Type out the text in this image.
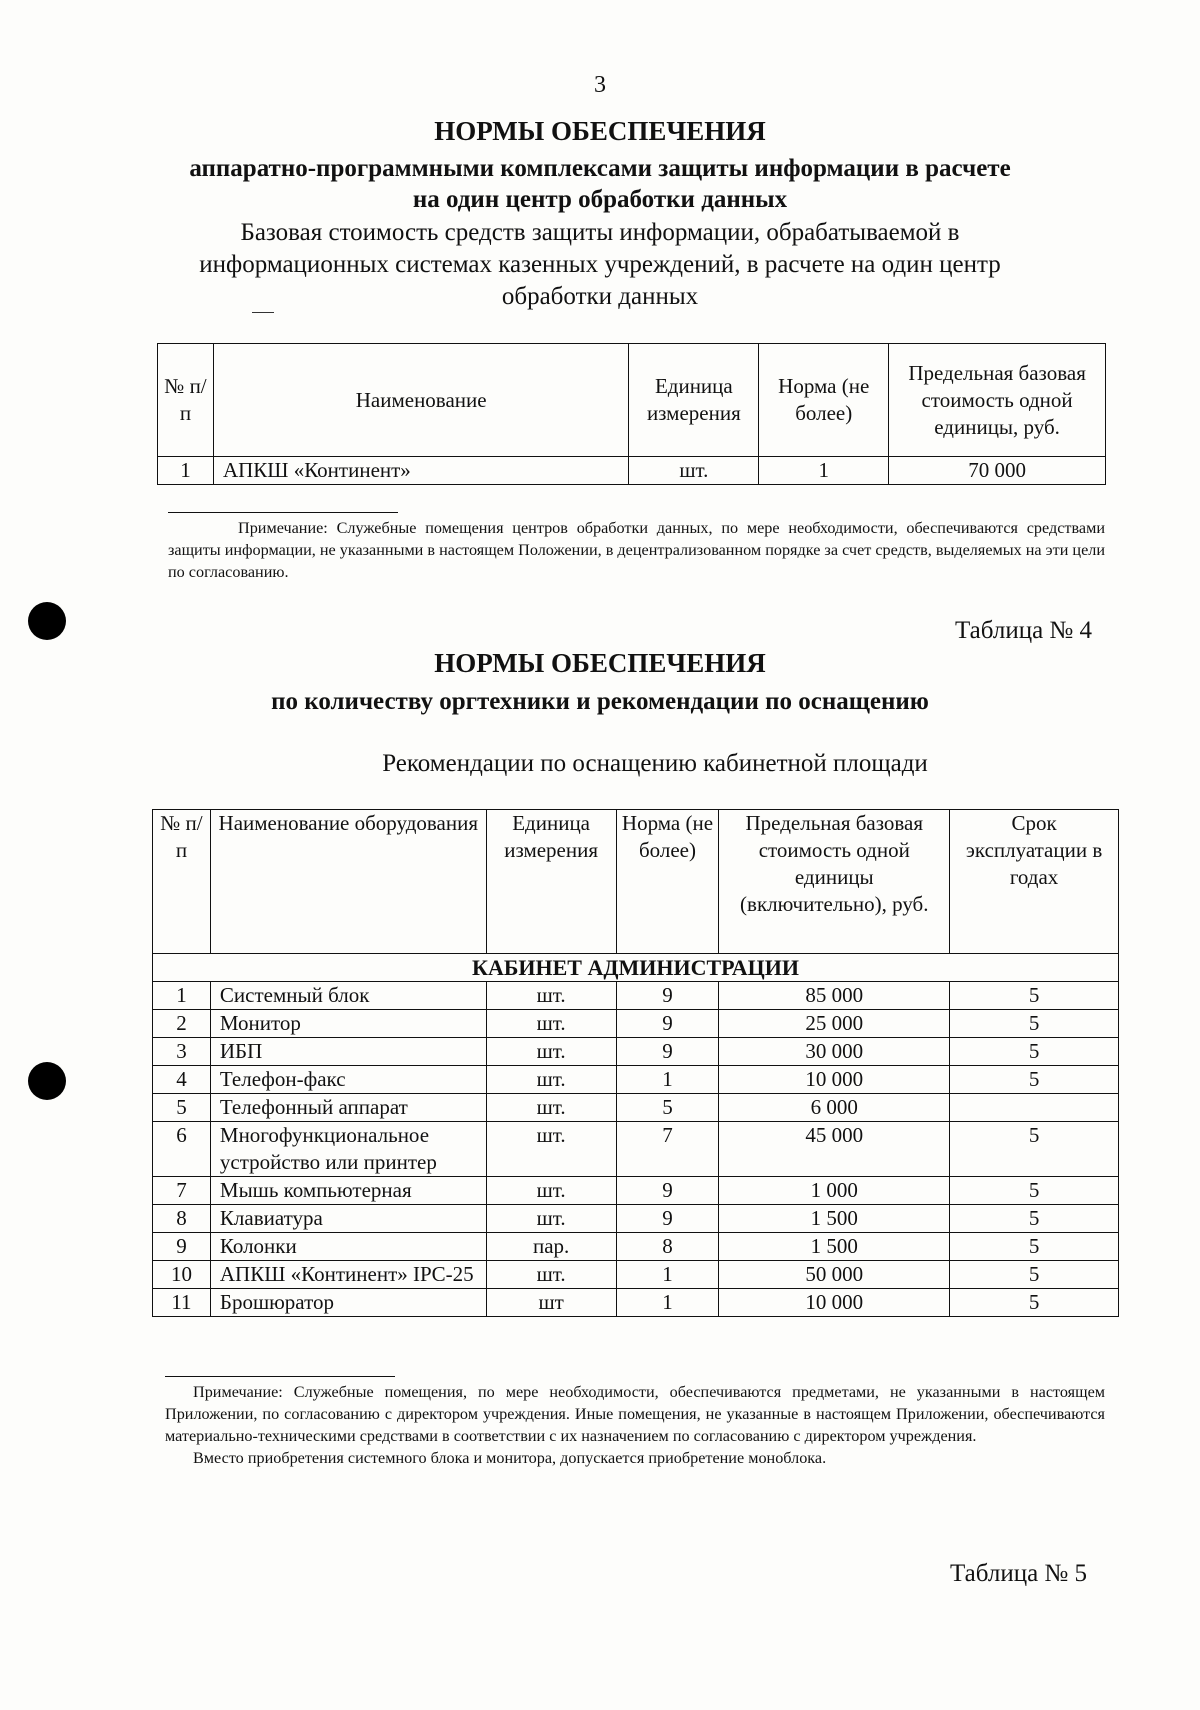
3
НОРМЫ ОБЕСПЕЧЕНИЯ
аппаратно-программными комплексами защиты информации в расчете
на один центр обработки данных
Базовая стоимость средств защиты информации, обрабатываемой в
информационных системах казенных учреждений, в расчете на один центр
обработки данных
№ п/п	Наименование	Единица измерения	Норма (не более)	Предельная базовая стоимость одной единицы, руб.
1	АПКШ «Континент»	шт.	1	70 000

Примечание: Служебные помещения центров обработки данных, по мере необходимости, обеспечиваются средствами защиты информации, не указанными в настоящем Положении, в децентрализованном порядке за счет средств, выделяемых на эти цели по согласованию.

Таблица № 4
НОРМЫ ОБЕСПЕЧЕНИЯ
по количеству оргтехники и рекомендации по оснащению
Рекомендации по оснащению кабинетной площади
№ п/п	Наименование оборудования	Единица измерения	Норма (не более)	Предельная базовая стоимость одной единицы (включительно), руб.	Срок эксплуатации в годах
КАБИНЕТ АДМИНИСТРАЦИИ					
1	Системный блок	шт.	9	85 000	5
2	Монитор	шт.	9	25 000	5
3	ИБП	шт.	9	30 000	5
4	Телефон-факс	шт.	1	10 000	5
5	Телефонный аппарат	шт.	5	6 000	
6	Многофункциональное устройство или принтер	шт.	7	45 000	5
7	Мышь компьютерная	шт.	9	1 000	5
8	Клавиатура	шт.	9	1 500	5
9	Колонки	пар.	8	1 500	5
10	АПКШ «Континент» IPC-25	шт.	1	50 000	5
11	Брошюратор	шт	1	10 000	5

Примечание: Служебные помещения, по мере необходимости, обеспечиваются предметами, не указанными в настоящем Приложении, по согласованию с директором учреждения. Иные помещения, не указанные в настоящем Приложении, обеспечиваются материально-техническими средствами в соответствии с их назначением по согласованию с директором учреждения.

Вместо приобретения системного блока и монитора, допускается приобретение моноблока.

Таблица № 5
